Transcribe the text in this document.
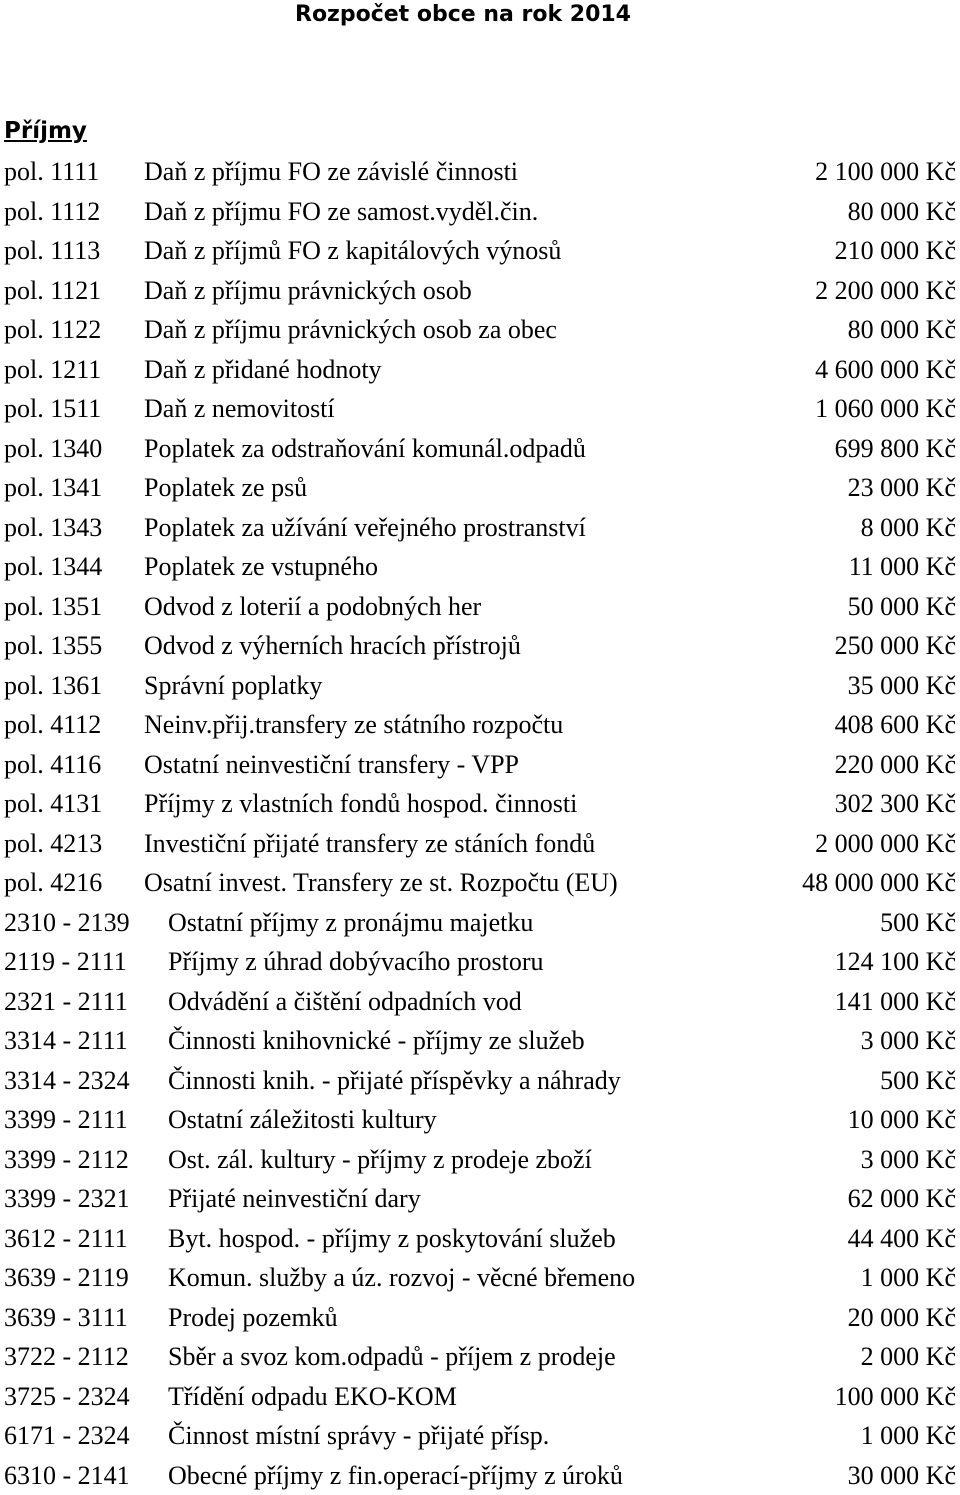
Rozpočet obce na rok 2014
Příjmy
pol. 1111 Daň z příjmu FO ze závislé činnosti	2 100 000 Kč
pol. 1112 Daň z příjmu FO ze samost.vyděl.čin.	80 000 Kč
pol. 1113 Daň z příjmů FO z kapitálových výnosů	210 000 Kč
pol. 1121 Daň z příjmu právnických osob	2 200 000 Kč
pol. 1122 Daň z příjmu právnických osob za obec	80 000 Kč
pol. 1211 Daň z přidané hodnoty	4 600 000 Kč
pol. 1511 Daň z nemovitostí	1 060 000 Kč
pol. 1340 Poplatek za odstraňování komunál.odpadů	699 800 Kč
pol. 1341 Poplatek ze psů	23 000 Kč
pol. 1343 Poplatek za užívání veřejného prostranství	8 000 Kč
pol. 1344 Poplatek ze vstupného	11 000 Kč
pol. 1351 Odvod z loterií a podobných her	50 000 Kč
pol. 1355 Odvod z výherních hracích přístrojů	250 000 Kč
pol. 1361 Správní poplatky	35 000 Kč
pol. 4112 Neinv.přij.transfery ze státního rozpočtu	408 600 Kč
pol. 4116 Ostatní neinvestiční transfery - VPP	220 000 Kč
pol. 4131 Příjmy z vlastních fondů hospod. činnosti	302 300 Kč
pol. 4213 Investiční přijaté transfery ze stáních fondů	2 000 000 Kč
pol. 4216 Osatní invest. Transfery ze st. Rozpočtu (EU)	48 000 000 Kč
2310 - 2139 Ostatní příjmy z pronájmu majetku	500 Kč
2119 - 2111 Příjmy z úhrad dobývacího prostoru	124 100 Kč
2321 - 2111 Odvádění a čištění odpadních vod	141 000 Kč
3314 - 2111 Činnosti knihovnické - příjmy ze služeb	3 000 Kč
3314 - 2324 Činnosti knih. - přijaté příspěvky a náhrady	500 Kč
3399 - 2111 Ostatní záležitosti kultury	10 000 Kč
3399 - 2112 Ost. zál. kultury - příjmy z prodeje zboží	3 000 Kč
3399 - 2321 Přijaté neinvestiční dary	62 000 Kč
3612 - 2111 Byt. hospod. - příjmy z poskytování služeb	44 400 Kč
3639 - 2119 Komun. služby a úz. rozvoj - věcné břemeno	1 000 Kč
3639 - 3111 Prodej pozemků	20 000 Kč
3722 - 2112 Sběr a svoz kom.odpadů - příjem z prodeje	2 000 Kč
3725 - 2324 Třídění odpadu EKO-KOM	100 000 Kč
6171 - 2324 Činnost místní správy - přijaté přísp.	1 000 Kč
6310 - 2141 Obecné příjmy z fin.operací-příjmy z úroků	30 000 Kč
